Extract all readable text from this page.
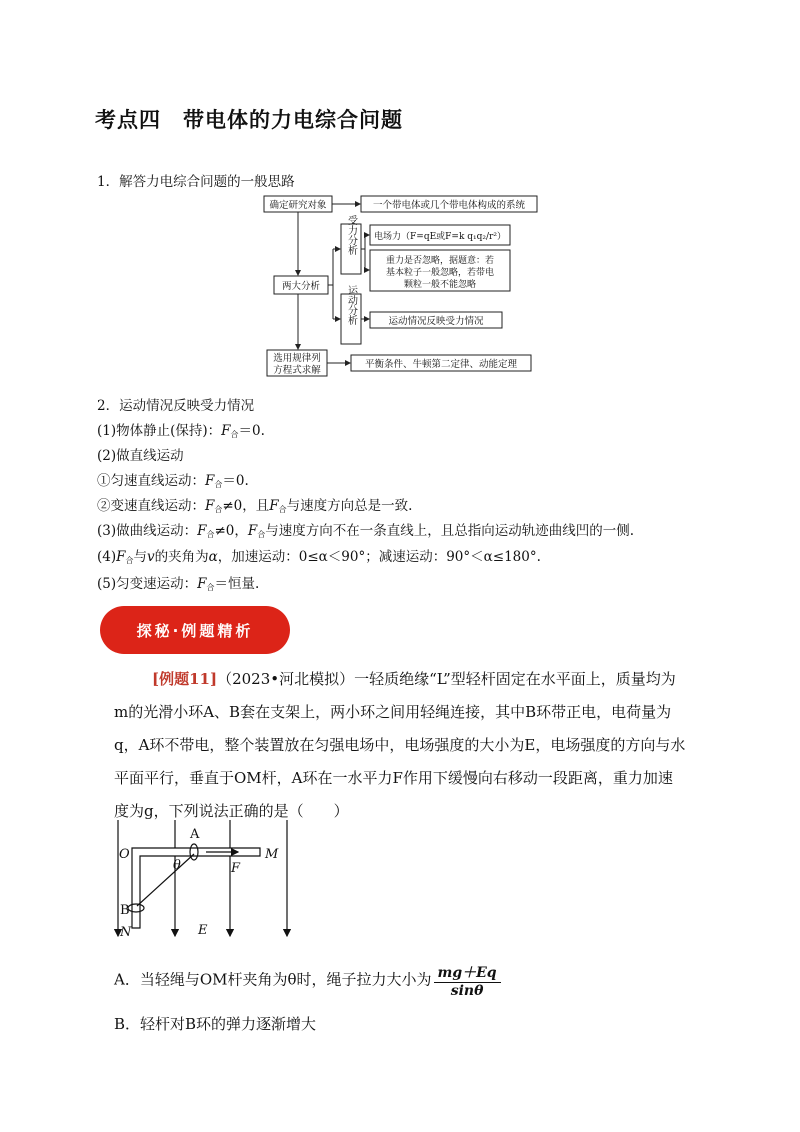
考点四 带电体的力电综合问题
1．解答力电综合问题的一般思路
确定研究对象	一个带电体或几个带电体构成的系统
两大分析
电场力（F=qE或F=k q₁q₂/r²）
重力是否忽略，据题意：若
基本粒子一般忽略，若带电
颗粒一般不能忽略
运动情况反映受力情况
选用规律列
方程式求解
平衡条件、牛顿第二定律、动能定理
受力分析
运动分析
2．运动情况反映受力情况
(1)物体静止(保持)：$F_合=0$.
(2)做直线运动
①匀速直线运动：$F_合=0$.
②变速直线运动：$F_合\ne 0$，且$F_合$与速度方向总是一致.
(3)做曲线运动：$F_合\ne 0$，$F_合$与速度方向不在一条直线上，且总指向运动轨迹曲线凹的一侧.
$(4)F_合$与v的夹角为α，加速运动：0≤α＜90°；减速运动：90°＜α≤180°.
(5)匀变速运动：$F_合=$恒量.
探秘·例题精析
[例题11]（2023•河北模拟）一轻质绝缘“L”型轻杆固定在水平面上，质量均为m的光滑小环A、B套在支架上，两小环之间用轻绳连接，其中B环带正电，电荷量为q，A环不带电，整个装置放在匀强电场中，电场强度的大小为E，电场强度的方向与水平面平行，垂直于OM杆，A环在一水平力F作用下缓慢向右移动一段距离，重力加速度为g，下列说法正确的是（　　）
O
A
M
θ	F
B
N	E
A．当轻绳与OM杆夹角为θ时，绳子拉力大小为 $\frac{mg+Eq}{\sin\theta}$
B．轻杆对B环的弹力逐渐增大
